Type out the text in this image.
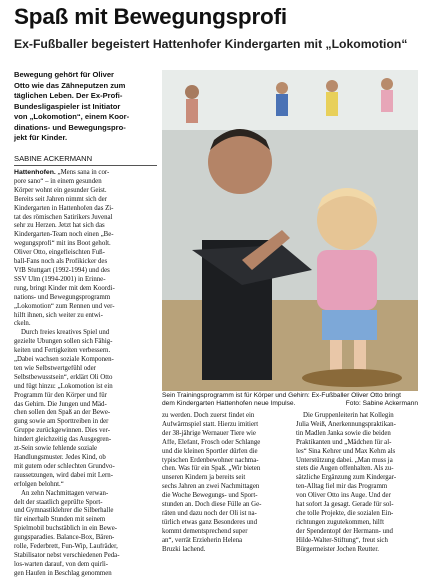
Spaß mit Bewegungsprofi
Ex-Fußballer begeistert Hattenhofer Kindergarten mit „Lokomotion“

Bewegung gehört für Oliver
Otto wie das Zähneputzen zum
täglichen Leben. Der Ex-Profi-
Bundesligaspieler ist Initiator
von „Lokomotion“, einem Koor-
dinations- und Bewegungspro-
jekt für Kinder.

SABINE ACKERMANN
Hattenhofen. „Mens sana in cor-
pore sano“ – in einem gesunden
Körper wohnt ein gesunder Geist.
Bereits seit Jahren nimmt sich der
Kindergarten in Hattenhofen das Zi-
tat des römischen Satirikers Juvenal
sehr zu Herzen. Jetzt hat sich das
Kindergarten-Team noch einen „Be-
wegungsprofi“ mit ins Boot geholt.
Oliver Otto, eingefleischten Fuß-
ball-Fans noch als Profikicker des
VfB Stuttgart (1992-1994) und des
SSV Ulm (1994-2001) in Erinne-
rung, bringt Kinder mit dem Koordi-
nations- und Bewegungsprogramm
„Lokomotion“ zum Rennen und ver-
hilft ihnen, sich weiter zu entwi-
ckeln.
Durch freies kreatives Spiel und
gezielte Übungen sollen sich Fähig-
keiten und Fertigkeiten verbessern.
„Dabei wachsen soziale Komponen-
ten wie Selbstwertgefühl oder
Selbstbewusstsein“, erklärt Oli Otto
und fügt hinzu: „Lokomotion ist ein
Programm für den Körper und für
das Gehirn. Die Jungen und Mäd-
chen sollen den Spaß an der Bewe-
gung sowie am Sporttreiben in der
Gruppe zurückgewinnen. Dies ver-
hindert gleichzeitig das Ausgegren-
zt-Sein sowie fehlende soziale
Handlungsmuster. Jedes Kind, ob
mit gutem oder schlechten Grundvo-
raussetzungen, wird dabei mit Lern-
erfolgen belohnt.“
An zehn Nachmittagen verwan-
delt der staatlich geprüfte Sport-
und Gymnastiklehrer die Silberhalle
für einerhalb Stunden mit seinem
Spielmobil buchstäblich in ein Bewe-
gungsparadies. Balance-Box, Bären-
rolle, Federbrett, Fun-Wip, Laufräder,
Stabilisator nebst verschiedenen Peda-
los-warten darauf, von dem quirli-
gen Haufen in Beschlag genommen
Sein Trainingsprogramm ist für Körper und Gehirn: Ex-Fußballer Oliver Otto bringt
dem Kindergarten Hattenhofen neue Impulse.	Foto: Sabine Ackermann
zu werden. Doch zuerst findet ein
Aufwärmspiel statt. Hierzu imitiert
der 38-jährige Wernauer Tiere wie
Affe, Elefant, Frosch oder Schlange
und die kleinen Sportler dürfen die
typischen Erdenbewohner nachma-
chen. Was für ein Spaß. „Wir bieten
unseren Kindern ja bereits seit
sechs Jahren an zwei Nachmittagen
die Woche Bewegungs- und Sport-
stunden an. Doch diese Fülle an Ge-
räten und dazu noch der Oli ist na-
türlich etwas ganz Besonderes und
kommt dementsprechend super
an“, verrät Erzieherin Helena
Bruzki lachend.
Die Gruppenleiterin hat Kollegin
Julia Weiß, Anerkennungspraktikan-
tin Madlen Janka sowie die beiden
Praktikanten und „Mädchen für al-
les“ Sina Kehrer und Max Kehm als
Unterstützung dabei. „Man muss ja
stets die Augen offenhalten. Als zu-
sätzliche Ergänzung zum Kindergar-
ten-Alltag fiel mir das Programm
von Oliver Otto ins Auge. Und der
hat sofort Ja gesagt. Gerade für sol-
che tolle Projekte, die sozialen Ein-
richtungen zugutekommen, hilft
der Spendentopf der Hermann- und
Hilde-Walter-Stiftung“, freut sich
Bürgermeister Jochen Reutter.
